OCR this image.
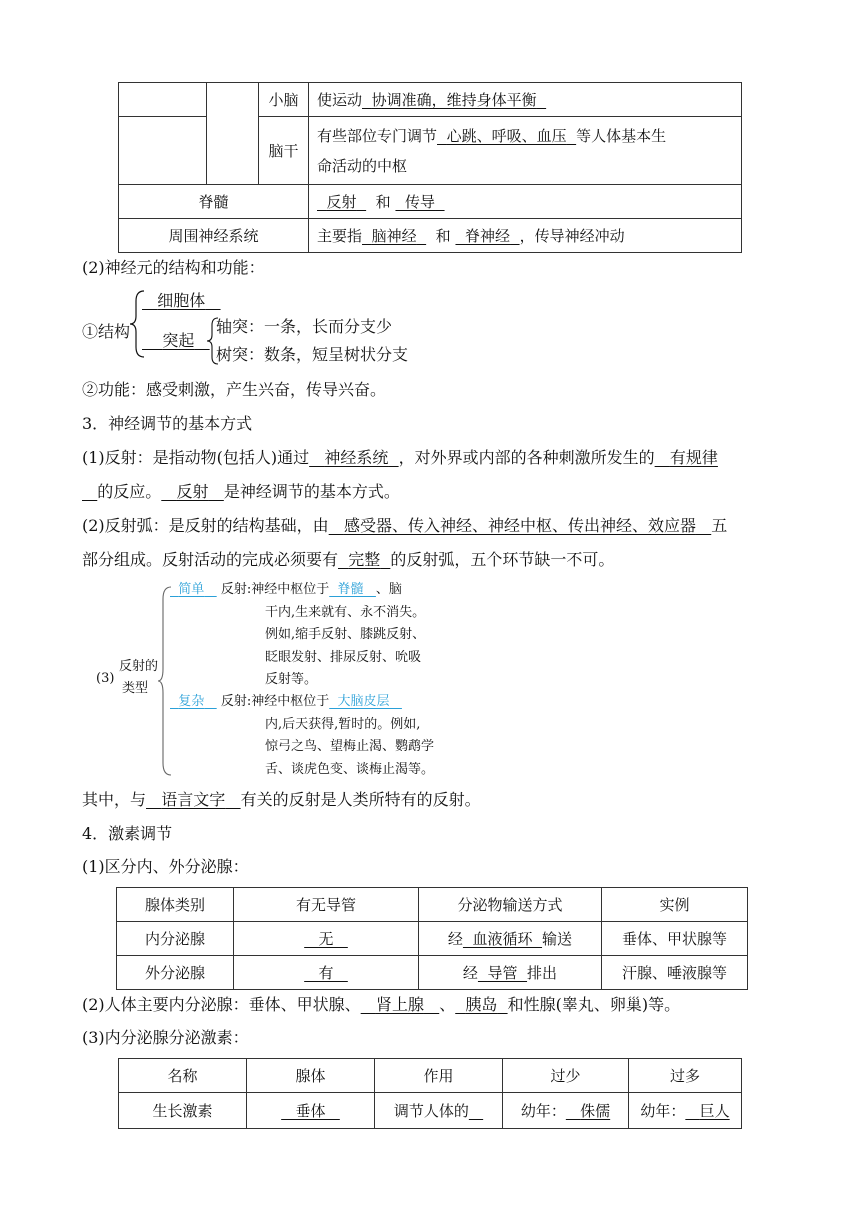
		小脑	使运动 协调准确，维持身体平衡
		脑干	有些部位专门调节 心跳、呼吸、血压 等人体基本生
命活动的中枢
脊髓			反射 和 传导
周围神经系统			主要指 脑神经 和 脊神经 ，传导神经冲动
(2)神经元的结构和功能：
①结构
细胞体
突起
轴突：一条，长而分支少
树突：数条，短呈树状分支
②功能：感受刺激，产生兴奋，传导兴奋。
3．神经调节的基本方式
(1)反射：是指动物(包括人)通过 神经系统 ，对外界或内部的各种刺激所发生的 有规律
的反应。 反射 是神经调节的基本方式。
(2)反射弧：是反射的结构基础，由 感受器、传入神经、神经中枢、传出神经、效应器 五
部分组成。反射活动的完成必须要有 完整 的反射弧，五个环节缺一不可。
(3)
反射的
类型
简单 反射:神经中枢位于 脊髓 、脑
干内,生来就有、永不消失。
例如,缩手反射、膝跳反射、
眨眼发射、排尿反射、吮吸
反射等。
复杂 反射:神经中枢位于 大脑皮层
内,后天获得,暂时的。例如,
惊弓之鸟、望梅止渴、鹦鹉学
舌、谈虎色变、谈梅止渴等。
其中，与 语言文字 有关的反射是人类所特有的反射。
4．激素调节
(1)区分内、外分泌腺：
腺体类别	有无导管	分泌物输送方式	实例
内分泌腺	无	经 血液循环 输送	垂体、甲状腺等
外分泌腺	有	经 导管 排出	汗腺、唾液腺等
(2)人体主要内分泌腺：垂体、甲状腺、 肾上腺 、 胰岛 和性腺(睾丸、卵巢)等。
(3)内分泌腺分泌激素：
名称	腺体	作用	过少	过多
生长激素	垂体	调节人体的	幼年： 侏儒	幼年： 巨人
